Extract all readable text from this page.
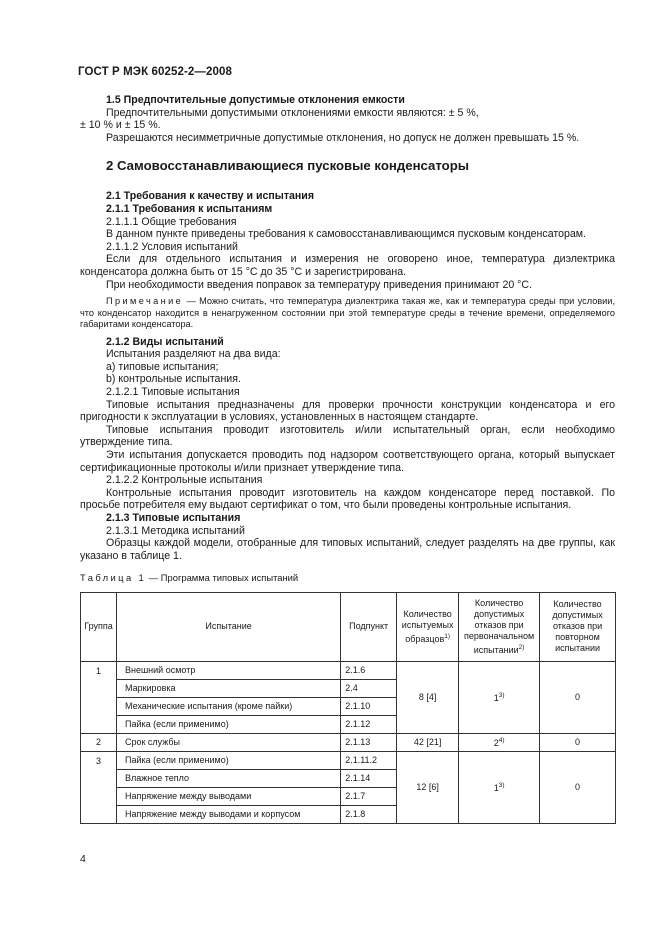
ГОСТ Р МЭК 60252-2—2008

1.5 Предпочтительные допустимые отклонения емкости

Предпочтительными допустимыми отклонениями емкости являются: ± 5 %,

± 10 % и ± 15 %.

Разрешаются несимметричные допустимые отклонения, но допуск не должен превышать 15 %.

2 Самовосстанавливающиеся пусковые конденсаторы

2.1 Требования к качеству и испытания

2.1.1 Требования к испытаниям

2.1.1.1 Общие требования

В данном пункте приведены требования к самовосстанавливающимся пусковым конденсаторам.

2.1.1.2 Условия испытаний

Если для отдельного испытания и измерения не оговорено иное, температура диэлектрика конденсатора должна быть от 15 °С до 35 °С и зарегистрирована.

При необходимости введения поправок за температуру приведения принимают 20 °С.

Примечание — Можно считать, что температура диэлектрика такая же, как и температура среды при условии, что конденсатор находится в ненагруженном состоянии при этой температуре среды в течение времени, определяемого габаритами конденсатора.

2.1.2 Виды испытаний

Испытания разделяют на два вида:

а) типовые испытания;

b) контрольные испытания.

2.1.2.1 Типовые испытания

Типовые испытания предназначены для проверки прочности конструкции конденсатора и его пригодности к эксплуатации в условиях, установленных в настоящем стандарте.

Типовые испытания проводит изготовитель и/или испытательный орган, если необходимо утверждение типа.

Эти испытания допускается проводить под надзором соответствующего органа, который выпускает сертификационные протоколы и/или признает утверждение типа.

2.1.2.2 Контрольные испытания

Контрольные испытания проводит изготовитель на каждом конденсаторе перед поставкой. По просьбе потребителя ему выдают сертификат о том, что были проведены контрольные испытания.

2.1.3 Типовые испытания

2.1.3.1 Методика испытаний

Образцы каждой модели, отобранные для типовых испытаний, следует разделять на две группы, как указано в таблице 1.

Таблица 1 — Программа типовых испытаний

Группа	Испытание	Подпункт	Количество испытуемых образцов$^{1)}$	Количество допустимых отказов при первоначальном испытании$^{2)}$	Количество допустимых отказов при повторном испытании
1	Внешний осмотр	2.1.6	8 [4]	1$^{3)}$	0
	Маркировка	2.4			
	Механические испытания (кроме пайки)	2.1.10			
	Пайка (если применимо)	2.1.12			
2	Срок службы	2.1.13	42 [21]	2$^{4)}$	0
3	Пайка (если применимо)	2.1.11.2	12 [6]	1$^{3)}$	0
	Влажное тепло	2.1.14			
	Напряжение между выводами	2.1.7			
	Напряжение между выводами и корпусом	2.1.8			
4
